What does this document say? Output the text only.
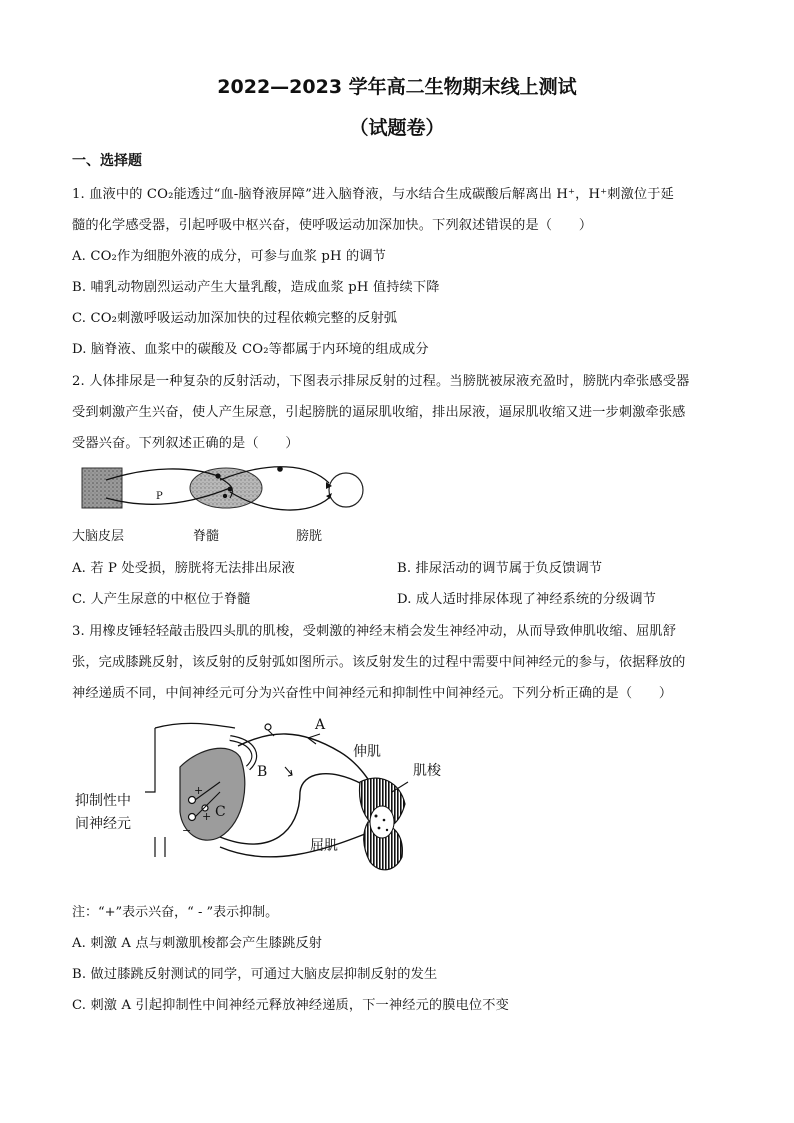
2022—2023 学年高二生物期末线上测试
（试题卷）
一、选择题
1. 血液中的 CO₂能透过“血-脑脊液屏障”进入脑脊液，与水结合生成碳酸后解离出 H⁺，H⁺刺激位于延
髓的化学感受器，引起呼吸中枢兴奋，使呼吸运动加深加快。下列叙述错误的是（　　）
A. CO₂作为细胞外液的成分，可参与血浆 pH 的调节
B. 哺乳动物剧烈运动产生大量乳酸，造成血浆 pH 值持续下降
C. CO₂刺激呼吸运动加深加快的过程依赖完整的反射弧
D. 脑脊液、血浆中的碳酸及 CO₂等都属于内环境的组成成分
2. 人体排尿是一种复杂的反射活动，下图表示排尿反射的过程。当膀胱被尿液充盈时，膀胱内牵张感受器
受到刺激产生兴奋，使人产生尿意，引起膀胱的逼尿肌收缩，排出尿液，逼尿肌收缩又进一步刺激牵张感
受器兴奋。下列叙述正确的是（　　）
P
大脑皮层	脊髓	膀胱
A. 若 P 处受损，膀胱将无法排出尿液	B. 排尿活动的调节属于负反馈调节
C. 人产生尿意的中枢位于脊髓	D. 成人适时排尿体现了神经系统的分级调节
3. 用橡皮锤轻轻敲击股四头肌的肌梭，受刺激的神经末梢会发生神经冲动，从而导致伸肌收缩、屈肌舒
张，完成膝跳反射，该反射的反射弧如图所示。该反射发生的过程中需要中间神经元的参与，依据释放的
神经递质不同，中间神经元可分为兴奋性中间神经元和抑制性中间神经元。下列分析正确的是（　　）
A
B
C
+
+
−
伸肌
肌梭
屈肌
抑制性中
间神经元
注：“+”表示兴奋，“ - ”表示抑制。
A. 刺激 A 点与刺激肌梭都会产生膝跳反射
B. 做过膝跳反射测试的同学，可通过大脑皮层抑制反射的发生
C. 刺激 A 引起抑制性中间神经元释放神经递质，下一神经元的膜电位不变
